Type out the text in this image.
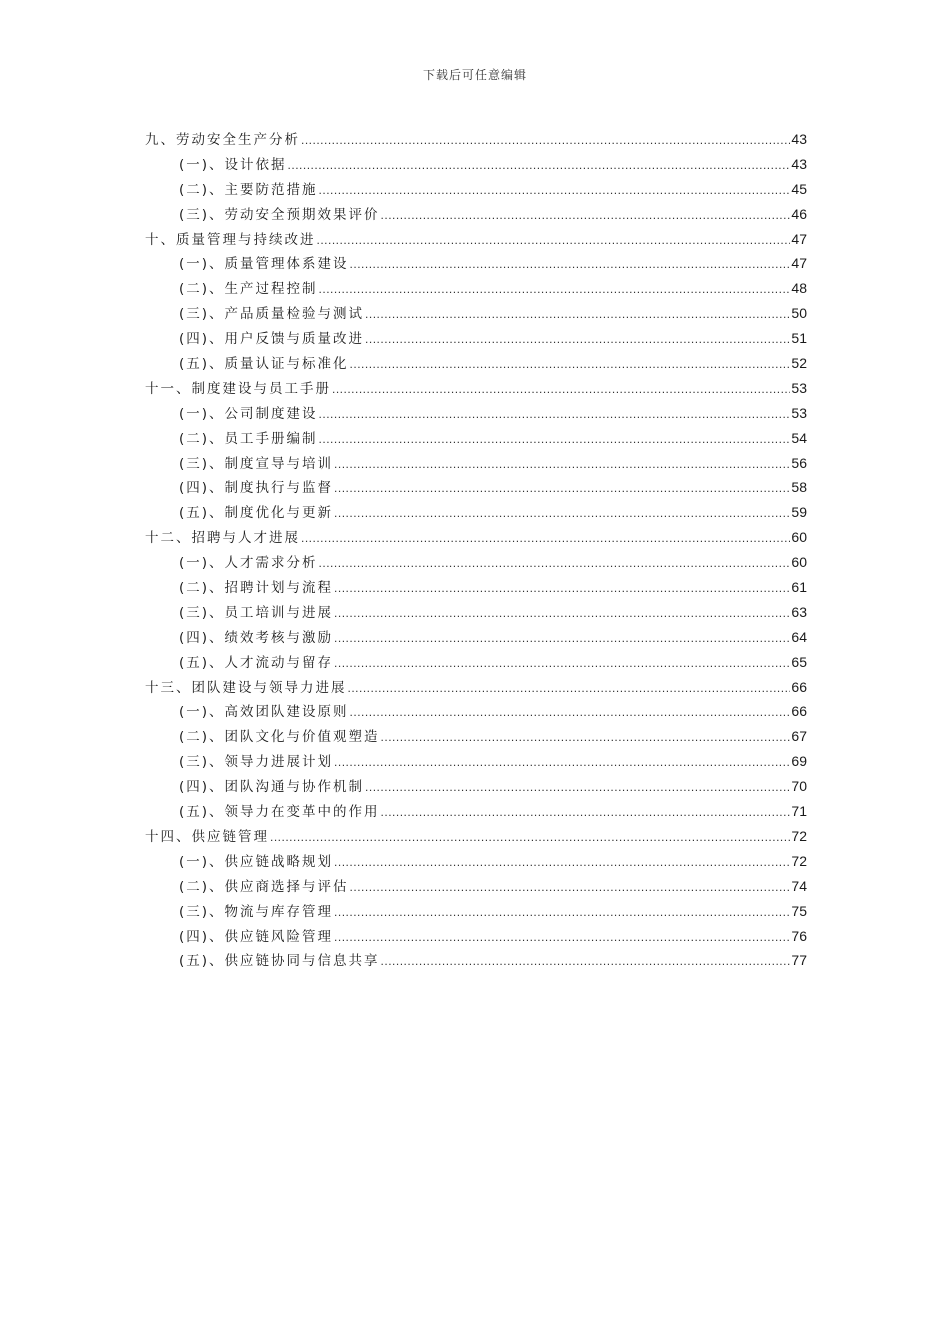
下载后可任意编辑
九、劳动安全生产分析 .....	43
(一)、设计依据 .....	43
(二)、主要防范措施 .....	45
(三)、劳动安全预期效果评价 .....	46
十、质量管理与持续改进 .....	47
(一)、质量管理体系建设 .....	47
(二)、生产过程控制 .....	48
(三)、产品质量检验与测试 .....	50
(四)、用户反馈与质量改进 .....	51
(五)、质量认证与标准化 .....	52
十一、制度建设与员工手册 .....	53
(一)、公司制度建设 .....	53
(二)、员工手册编制 .....	54
(三)、制度宣导与培训 .....	56
(四)、制度执行与监督 .....	58
(五)、制度优化与更新 .....	59
十二、招聘与人才进展 .....	60
(一)、人才需求分析 .....	60
(二)、招聘计划与流程 .....	61
(三)、员工培训与进展 .....	63
(四)、绩效考核与激励 .....	64
(五)、人才流动与留存 .....	65
十三、团队建设与领导力进展 .....	66
(一)、高效团队建设原则 .....	66
(二)、团队文化与价值观塑造 .....	67
(三)、领导力进展计划 .....	69
(四)、团队沟通与协作机制 .....	70
(五)、领导力在变革中的作用 .....	71
十四、供应链管理 .....	72
(一)、供应链战略规划 .....	72
(二)、供应商选择与评估 .....	74
(三)、物流与库存管理 .....	75
(四)、供应链风险管理 .....	76
(五)、供应链协同与信息共享 .....	77
